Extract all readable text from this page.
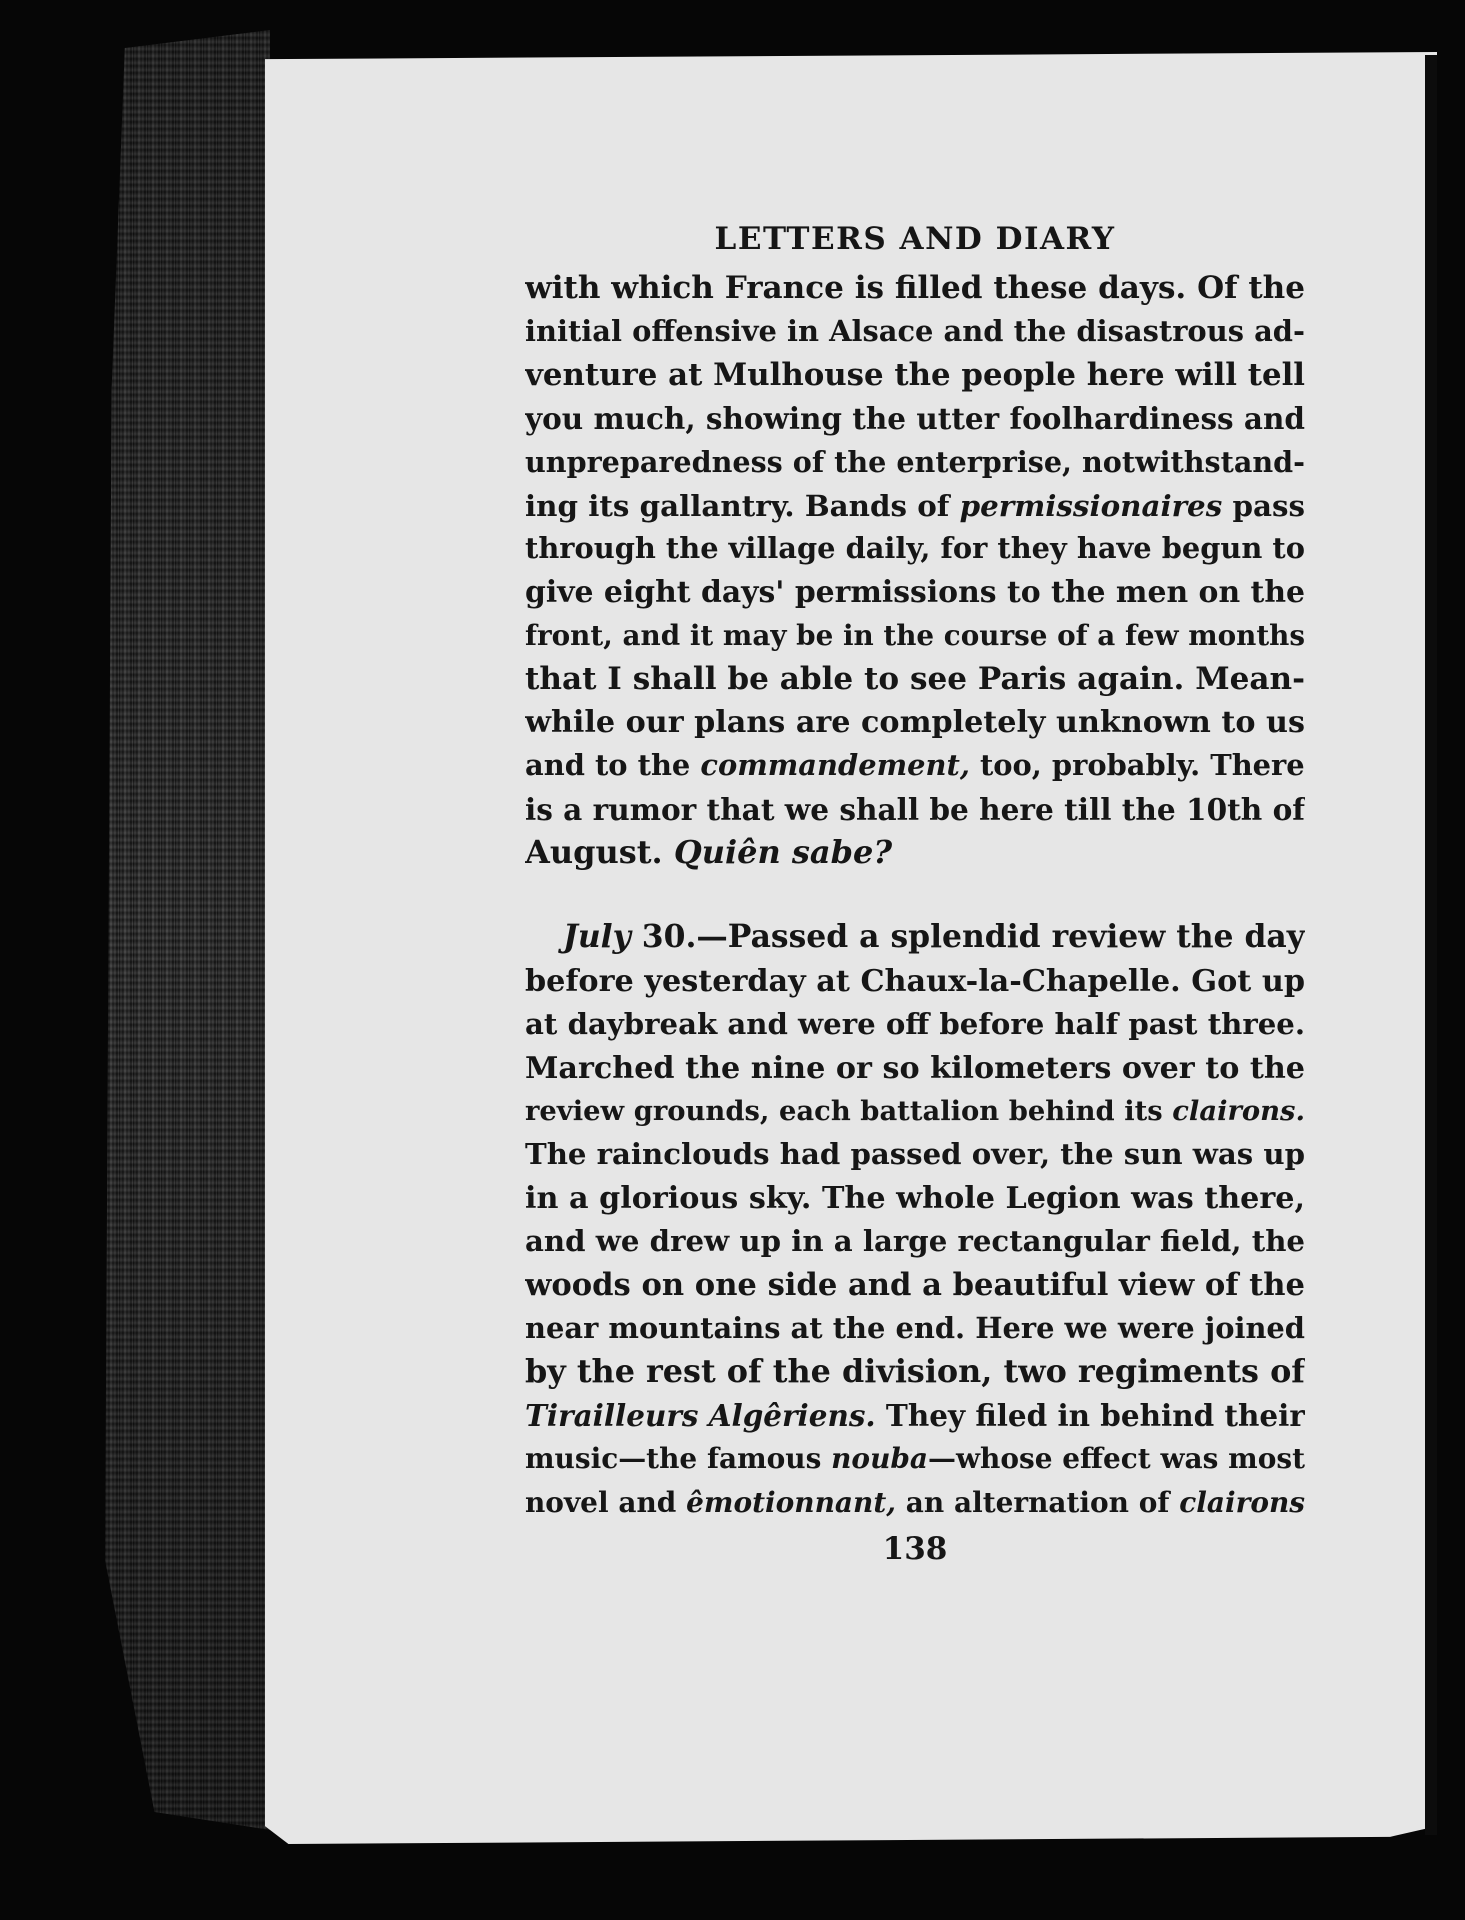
LETTERS AND DIARY
with which France is filled these days. Of the
initial offensive in Alsace and the disastrous ad-
venture at Mulhouse the people here will tell
you much, showing the utter foolhardiness and
unpreparedness of the enterprise, notwithstand-
ing its gallantry. Bands of permissionaires pass
through the village daily, for they have begun to
give eight days' permissions to the men on the
front, and it may be in the course of a few months
that I shall be able to see Paris again. Mean-
while our plans are completely unknown to us
and to the commandement, too, probably. There
is a rumor that we shall be here till the 10th of
August. Quiên sabe?
July 30.—Passed a splendid review the day
before yesterday at Chaux-la-Chapelle. Got up
at daybreak and were off before half past three.
Marched the nine or so kilometers over to the
review grounds, each battalion behind its clairons.
The rainclouds had passed over, the sun was up
in a glorious sky. The whole Legion was there,
and we drew up in a large rectangular field, the
woods on one side and a beautiful view of the
near mountains at the end. Here we were joined
by the rest of the division, two regiments of
Tirailleurs Algêriens. They filed in behind their
music—the famous nouba—whose effect was most
novel and êmotionnant, an alternation of clairons
138
